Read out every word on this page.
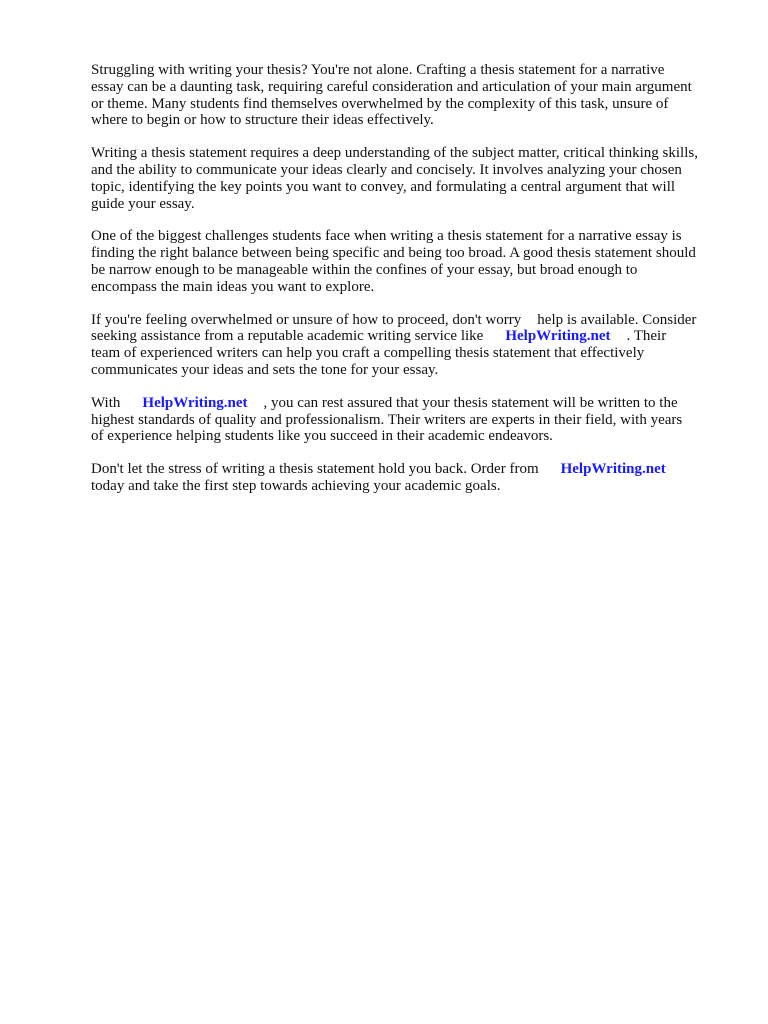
Struggling with writing your thesis? You're not alone. Crafting a thesis statement for a narrative
essay can be a daunting task, requiring careful consideration and articulation of your main argument
or theme. Many students find themselves overwhelmed by the complexity of this task, unsure of
where to begin or how to structure their ideas effectively.

Writing a thesis statement requires a deep understanding of the subject matter, critical thinking skills,
and the ability to communicate your ideas clearly and concisely. It involves analyzing your chosen
topic, identifying the key points you want to convey, and formulating a central argument that will
guide your essay.

One of the biggest challenges students face when writing a thesis statement for a narrative essay is
finding the right balance between being specific and being too broad. A good thesis statement should
be narrow enough to be manageable within the confines of your essay, but broad enough to
encompass the main ideas you want to explore.

If you're feeling overwhelmed or unsure of how to proceed, don't worry help is available. Consider
seeking assistance from a reputable academic writing service like HelpWriting.net . Their
team of experienced writers can help you craft a compelling thesis statement that effectively
communicates your ideas and sets the tone for your essay.

With HelpWriting.net , you can rest assured that your thesis statement will be written to the
highest standards of quality and professionalism. Their writers are experts in their field, with years
of experience helping students like you succeed in their academic endeavors.

Don't let the stress of writing a thesis statement hold you back. Order from HelpWriting.net
today and take the first step towards achieving your academic goals.
